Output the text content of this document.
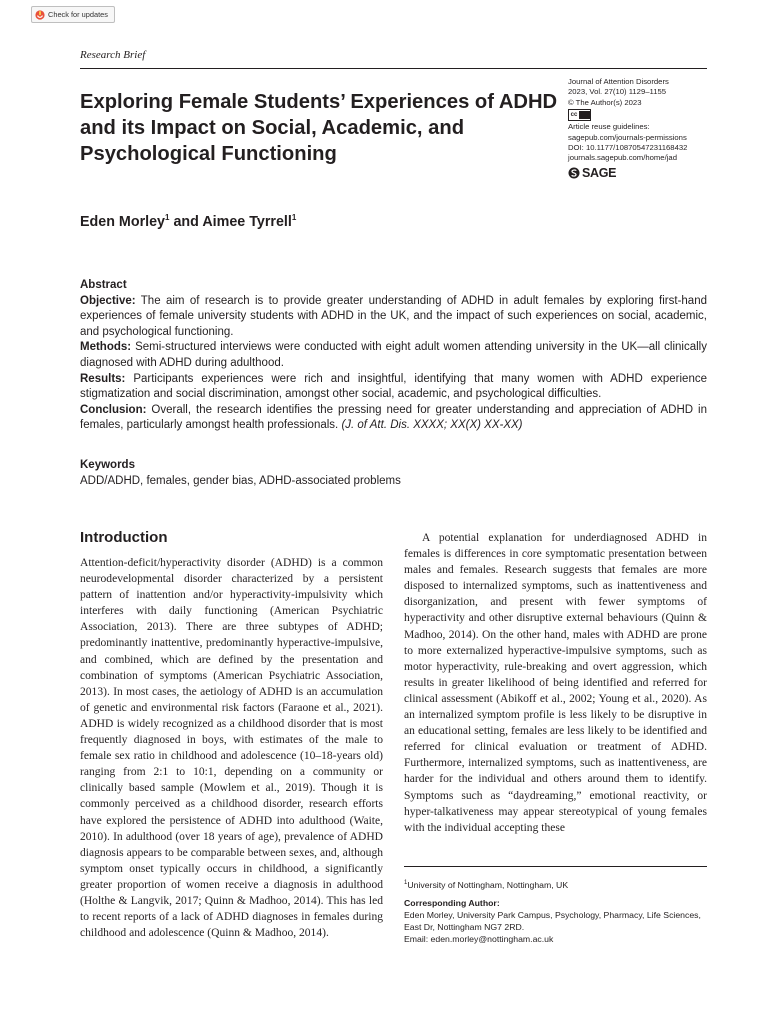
Check for updates
Research Brief
Exploring Female Students’ Experiences of ADHD and its Impact on Social, Academic, and Psychological Functioning
Journal of Attention Disorders
2023, Vol. 27(10) 1129–1155
© The Author(s) 2023
cc
Article reuse guidelines:
sagepub.com/journals-permissions
DOI: 10.1177/10870547231168432
journals.sagepub.com/home/jad
SAGE
Eden Morley$^1$ and Aimee Tyrrell$^1$

Abstract

Objective: The aim of research is to provide greater understanding of ADHD in adult females by exploring first-hand experiences of female university students with ADHD in the UK, and the impact of such experiences on social, academic, and psychological functioning.

Methods: Semi-structured interviews were conducted with eight adult women attending university in the UK—all clinically diagnosed with ADHD during adulthood.

Results: Participants experiences were rich and insightful, identifying that many women with ADHD experience stigmatization and social discrimination, amongst other social, academic, and psychological difficulties.

Conclusion: Overall, the research identifies the pressing need for greater understanding and appreciation of ADHD in females, particularly amongst health professionals. (J. of Att. Dis. XXXX; XX(X) XX-XX)

Keywords
ADD/ADHD, females, gender bias, ADHD-associated problems
Introduction

Attention-deficit/hyperactivity disorder (ADHD) is a common neurodevelopmental disorder characterized by a persistent pattern of inattention and/or hyperactivity-impulsivity which interferes with daily functioning (American Psychiatric Association, 2013). There are three subtypes of ADHD; predominantly inattentive, predominantly hyperactive-impulsive, and combined, which are defined by the presentation and combination of symptoms (American Psychiatric Association, 2013). In most cases, the aetiology of ADHD is an accumulation of genetic and environmental risk factors (Faraone et al., 2021). ADHD is widely recognized as a childhood disorder that is most frequently diagnosed in boys, with estimates of the male to female sex ratio in childhood and adolescence (10–18-years old) ranging from 2:1 to 10:1, depending on a community or clinically based sample (Mowlem et al., 2019). Though it is commonly perceived as a childhood disorder, research efforts have explored the persistence of ADHD into adulthood (Waite, 2010). In adulthood (over 18 years of age), prevalence of ADHD diagnosis appears to be comparable between sexes, and, although symptom onset typically occurs in childhood, a significantly greater proportion of women receive a diagnosis in adulthood (Holthe & Langvik, 2017; Quinn & Madhoo, 2014). This has led to recent reports of a lack of ADHD diagnoses in females during childhood and adolescence (Quinn & Madhoo, 2014).

A potential explanation for underdiagnosed ADHD in females is differences in core symptomatic presentation between males and females. Research suggests that females are more disposed to internalized symptoms, such as inattentiveness and disorganization, and present with fewer symptoms of hyperactivity and other disruptive external behaviours (Quinn & Madhoo, 2014). On the other hand, males with ADHD are prone to more externalized hyperactive-impulsive symptoms, such as motor hyperactivity, rule-breaking and overt aggression, which results in greater likelihood of being identified and referred for clinical assessment (Abikoff et al., 2002; Young et al., 2020). As an internalized symptom profile is less likely to be disruptive in an educational setting, females are less likely to be identified and referred for clinical evaluation or treatment of ADHD. Furthermore, internalized symptoms, such as inattentiveness, are harder for the individual and others around them to identify. Symptoms such as “daydreaming,” emotional reactivity, or hyper-talkativeness may appear stereotypical of young females with the individual accepting these

$^1$University of Nottingham, Nottingham, UK

Corresponding Author:

Eden Morley, University Park Campus, Psychology, Pharmacy, Life Sciences, East Dr, Nottingham NG7 2RD.

Email: eden.morley@nottingham.ac.uk
